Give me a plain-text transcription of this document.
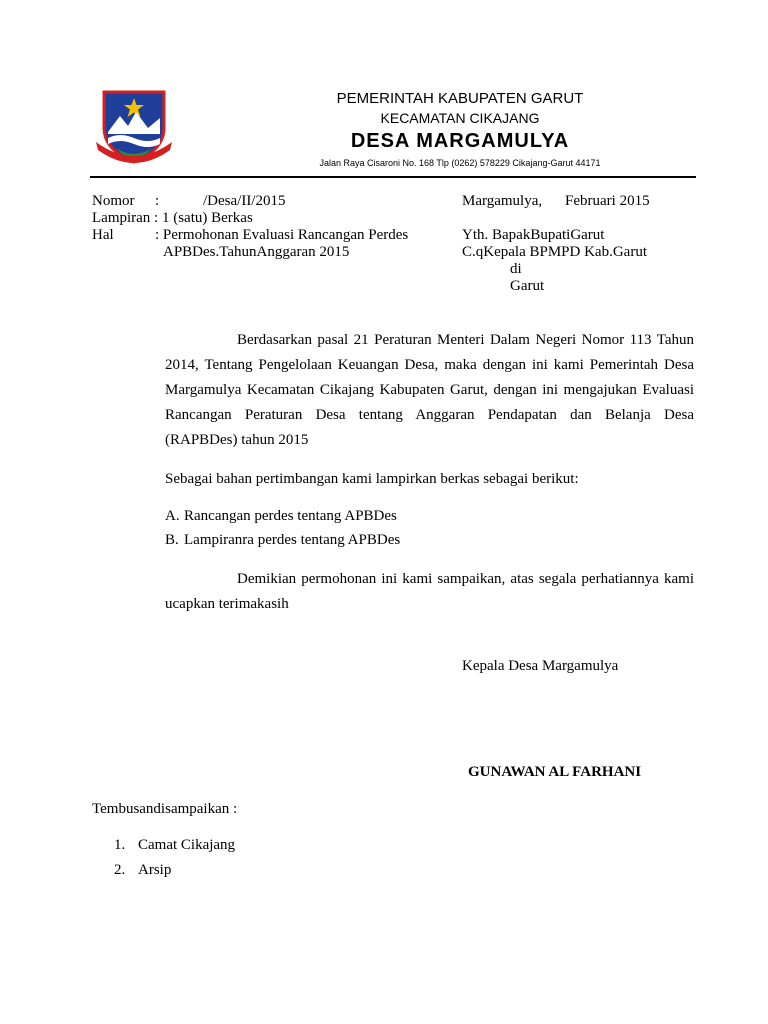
PEMERINTAH KABUPATEN GARUT
KECAMATAN CIKAJANG
DESA MARGAMULYA
Jalan Raya Cisaroni No. 168 Tlp (0262) 578229 Cikajang-Garut 44171
Nomor :	/Desa/II/2015
Lampiran : 1 (satu) Berkas
Hal	: Permohonan Evaluasi Rancangan Perdes
APBDes.TahunAnggaran 2015
Margamulya, Februari 2015
Yth. BapakBupatiGarut
C.qKepala BPMPD Kab.Garut
di
Garut
Berdasarkan pasal 21 Peraturan Menteri Dalam Negeri Nomor 113 Tahun 2014, Tentang Pengelolaan Keuangan Desa, maka dengan ini kami Pemerintah Desa Margamulya Kecamatan Cikajang Kabupaten Garut, dengan ini mengajukan Evaluasi Rancangan Peraturan Desa tentang Anggaran Pendapatan dan Belanja Desa (RAPBDes) tahun 2015
Sebagai bahan pertimbangan kami lampirkan berkas sebagai berikut:
A. Rancangan perdes tentang APBDes
B. Lampiranra perdes tentang APBDes
Demikian permohonan ini kami sampaikan, atas segala perhatiannya kami ucapkan terimakasih
Kepala Desa Margamulya
GUNAWAN AL FARHANI
Tembusandisampaikan :
1. Camat Cikajang
2. Arsip
